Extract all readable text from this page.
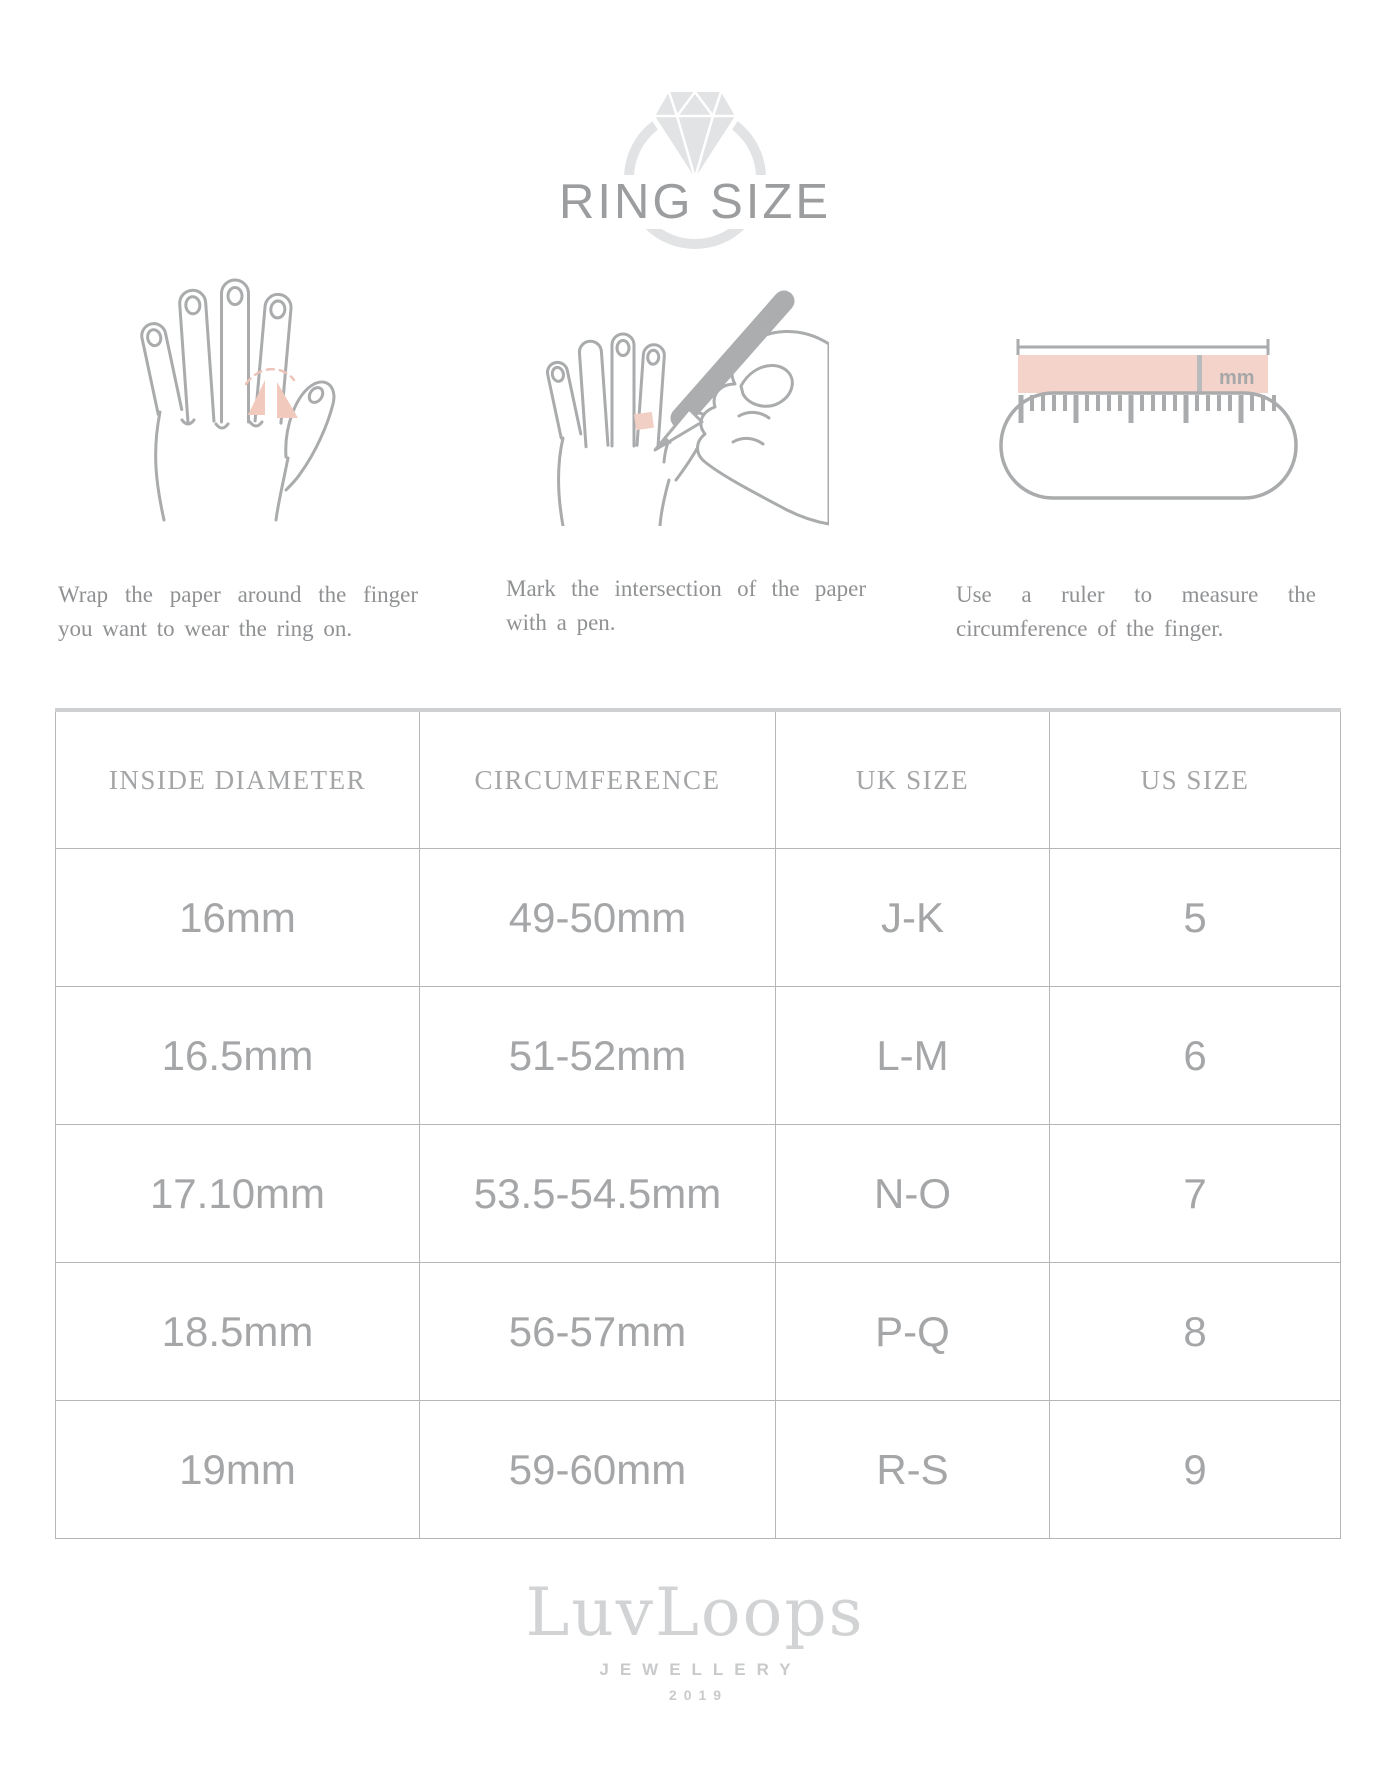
RING SIZE

Wrap the paper around the finger you want to wear the ring on.

Mark the intersection of the paper with a pen.

mm

Use a ruler to measure the circumference of the finger.

INSIDE DIAMETER	CIRCUMFERENCE	UK SIZE	US SIZE
16mm	49-50mm	J-K	5
16.5mm	51-52mm	L-M	6
17.10mm	53.5-54.5mm	N-O	7
18.5mm	56-57mm	P-Q	8
19mm	59-60mm	R-S	9
LuvLoops
JEWELLERY
2019
